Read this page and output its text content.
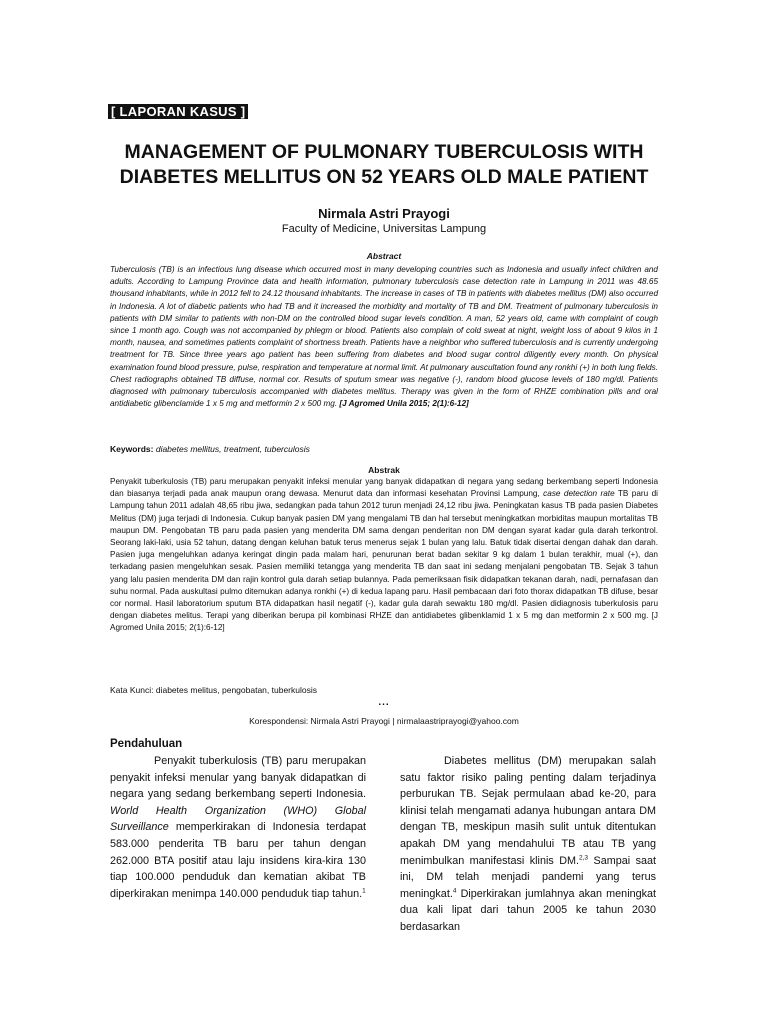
[ LAPORAN KASUS ]
MANAGEMENT OF PULMONARY TUBERCULOSIS WITH
DIABETES MELLITUS ON 52 YEARS OLD MALE PATIENT
Nirmala Astri Prayogi
Faculty of Medicine, Universitas Lampung
Abstract
Tuberculosis (TB) is an infectious lung disease which occurred most in many developing countries such as Indonesia and usually infect children and adults. According to Lampung Province data and health information, pulmonary tuberculosis case detection rate in Lampung in 2011 was 48.65 thousand inhabitants, while in 2012 fell to 24.12 thousand inhabitants. The increase in cases of TB in patients with diabetes mellitus (DM) also occurred in Indonesia. A lot of diabetic patients who had TB and it increased the morbidity and mortality of TB and DM. Treatment of pulmonary tuberculosis in patients with DM similar to patients with non-DM on the controlled blood sugar levels condition. A man, 52 years old, came with complaint of cough since 1 month ago. Cough was not accompanied by phlegm or blood. Patients also complain of cold sweat at night, weight loss of about 9 kilos in 1 month, nausea, and sometimes patients complaint of shortness breath. Patients have a neighbor who suffered tuberculosis and is currently undergoing treatment for TB. Since three years ago patient has been suffering from diabetes and blood sugar control diligently every month. On physical examination found blood pressure, pulse, respiration and temperature at normal limit. At pulmonary auscultation found any ronkhi (+) in both lung fields. Chest radiographs obtained TB diffuse, normal cor. Results of sputum smear was negative (-), random blood glucose levels of 180 mg/dl. Patients diagnosed with pulmonary tuberculosis accompanied with diabetes mellitus. Therapy was given in the form of RHZE combination pills and oral antidiabetic glibenclamide 1 x 5 mg and metformin 2 x 500 mg. [J Agromed Unila 2015; 2(1):6-12]
Keywords: diabetes mellitus, treatment, tuberculosis
Abstrak
Penyakit tuberkulosis (TB) paru merupakan penyakit infeksi menular yang banyak didapatkan di negara yang sedang berkembang seperti Indonesia dan biasanya terjadi pada anak maupun orang dewasa. Menurut data dan informasi kesehatan Provinsi Lampung, case detection rate TB paru di Lampung tahun 2011 adalah 48,65 ribu jiwa, sedangkan pada tahun 2012 turun menjadi 24,12 ribu jiwa. Peningkatan kasus TB pada pasien Diabetes Melitus (DM) juga terjadi di Indonesia. Cukup banyak pasien DM yang mengalami TB dan hal tersebut meningkatkan morbiditas maupun mortalitas TB maupun DM. Pengobatan TB paru pada pasien yang menderita DM sama dengan penderitan non DM dengan syarat kadar gula darah terkontrol. Seorang laki-laki, usia 52 tahun, datang dengan keluhan batuk terus menerus sejak 1 bulan yang lalu. Batuk tidak disertai dengan dahak dan darah. Pasien juga mengeluhkan adanya keringat dingin pada malam hari, penurunan berat badan sekitar 9 kg dalam 1 bulan terakhir, mual (+), dan terkadang pasien mengeluhkan sesak. Pasien memiliki tetangga yang menderita TB dan saat ini sedang menjalani pengobatan TB. Sejak 3 tahun yang lalu pasien menderita DM dan rajin kontrol gula darah setiap bulannya. Pada pemeriksaan fisik didapatkan tekanan darah, nadi, pernafasan dan suhu normal. Pada auskultasi pulmo ditemukan adanya ronkhi (+) di kedua lapang paru. Hasil pembacaan dari foto thorax didapatkan TB difuse, besar cor normal. Hasil laboratorium sputum BTA didapatkan hasil negatif (-), kadar gula darah sewaktu 180 mg/dl. Pasien didiagnosis tuberkulosis paru dengan diabetes melitus. Terapi yang diberikan berupa pil kombinasi RHZE dan antidiabetes glibenklamid 1 x 5 mg dan metformin 2 x 500 mg. [J Agromed Unila 2015; 2(1):6-12]
Kata Kunci: diabetes melitus, pengobatan, tuberkulosis
...
Korespondensi: Nirmala Astri Prayogi | nirmalaastriprayogi@yahoo.com
Pendahuluan

Penyakit tuberkulosis (TB) paru merupakan penyakit infeksi menular yang banyak didapatkan di negara yang sedang berkembang seperti Indonesia. World Health Organization (WHO) Global Surveillance memperkirakan di Indonesia terdapat 583.000 penderita TB baru per tahun dengan 262.000 BTA positif atau laju insidens kira-kira 130 tiap 100.000 penduduk dan kematian akibat TB diperkirakan menimpa 140.000 penduduk tiap tahun.$^1$

Diabetes mellitus (DM) merupakan salah satu faktor risiko paling penting dalam terjadinya perburukan TB. Sejak permulaan abad ke-20, para klinisi telah mengamati adanya hubungan antara DM dengan TB, meskipun masih sulit untuk ditentukan apakah DM yang mendahului TB atau TB yang menimbulkan manifestasi klinis DM.$^{2,3}$ Sampai saat ini, DM telah menjadi pandemi yang terus meningkat.$^4$ Diperkirakan jumlahnya akan meningkat dua kali lipat dari tahun 2005 ke tahun 2030 berdasarkan
